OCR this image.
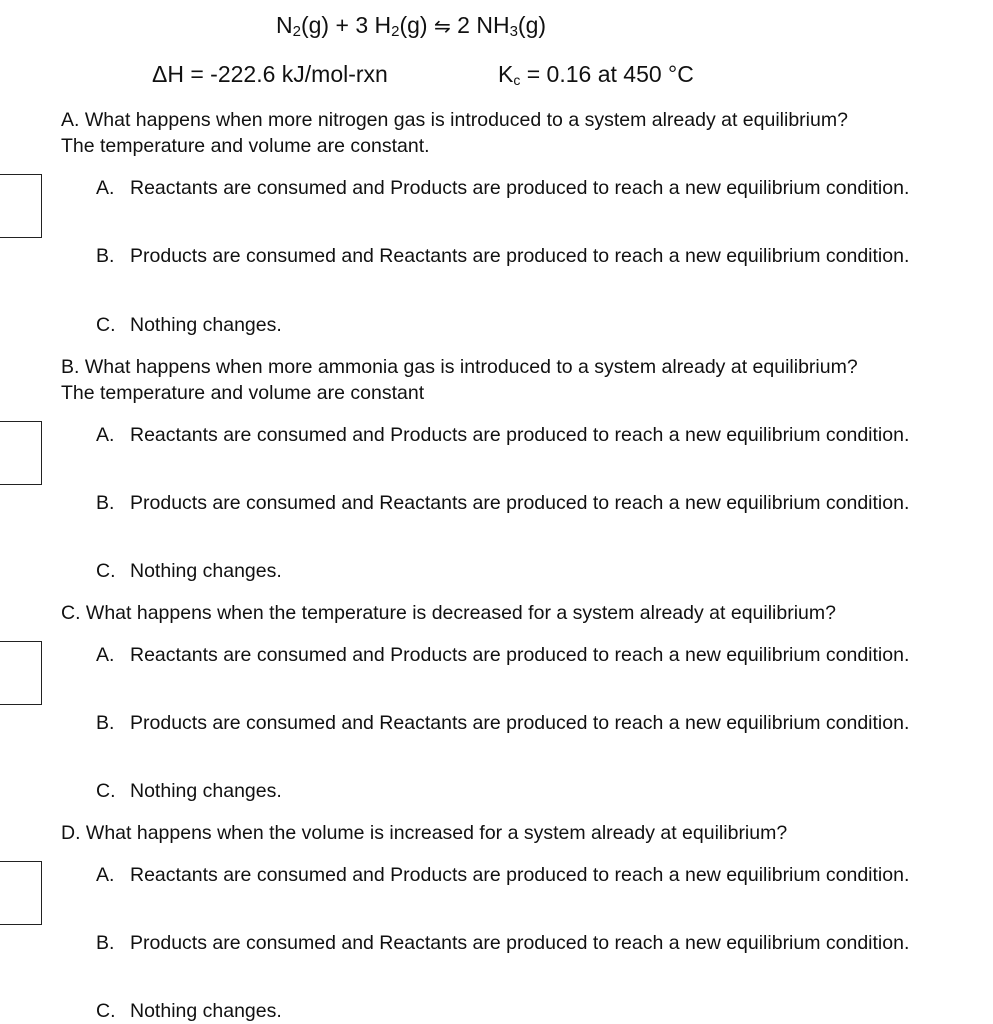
$N_2(g) + 3$ $H_2(g)$ ⇋ 2 $NH_3(g)$
ΔH = -222.6 kJ/mol-rxn	Kc = 0.16 at 450 °C
A. What happens when more nitrogen gas is introduced to a system already at equilibrium?
The temperature and volume are constant.
A. Reactants are consumed and Products are produced to reach a new equilibrium condition.
B. Products are consumed and Reactants are produced to reach a new equilibrium condition.
C. Nothing changes.
B. What happens when more ammonia gas is introduced to a system already at equilibrium?
The temperature and volume are constant
A. Reactants are consumed and Products are produced to reach a new equilibrium condition.
B. Products are consumed and Reactants are produced to reach a new equilibrium condition.
C. Nothing changes.
C. What happens when the temperature is decreased for a system already at equilibrium?
A. Reactants are consumed and Products are produced to reach a new equilibrium condition.
B. Products are consumed and Reactants are produced to reach a new equilibrium condition.
C. Nothing changes.
D. What happens when the volume is increased for a system already at equilibrium?
A. Reactants are consumed and Products are produced to reach a new equilibrium condition.
B. Products are consumed and Reactants are produced to reach a new equilibrium condition.
C. Nothing changes.
